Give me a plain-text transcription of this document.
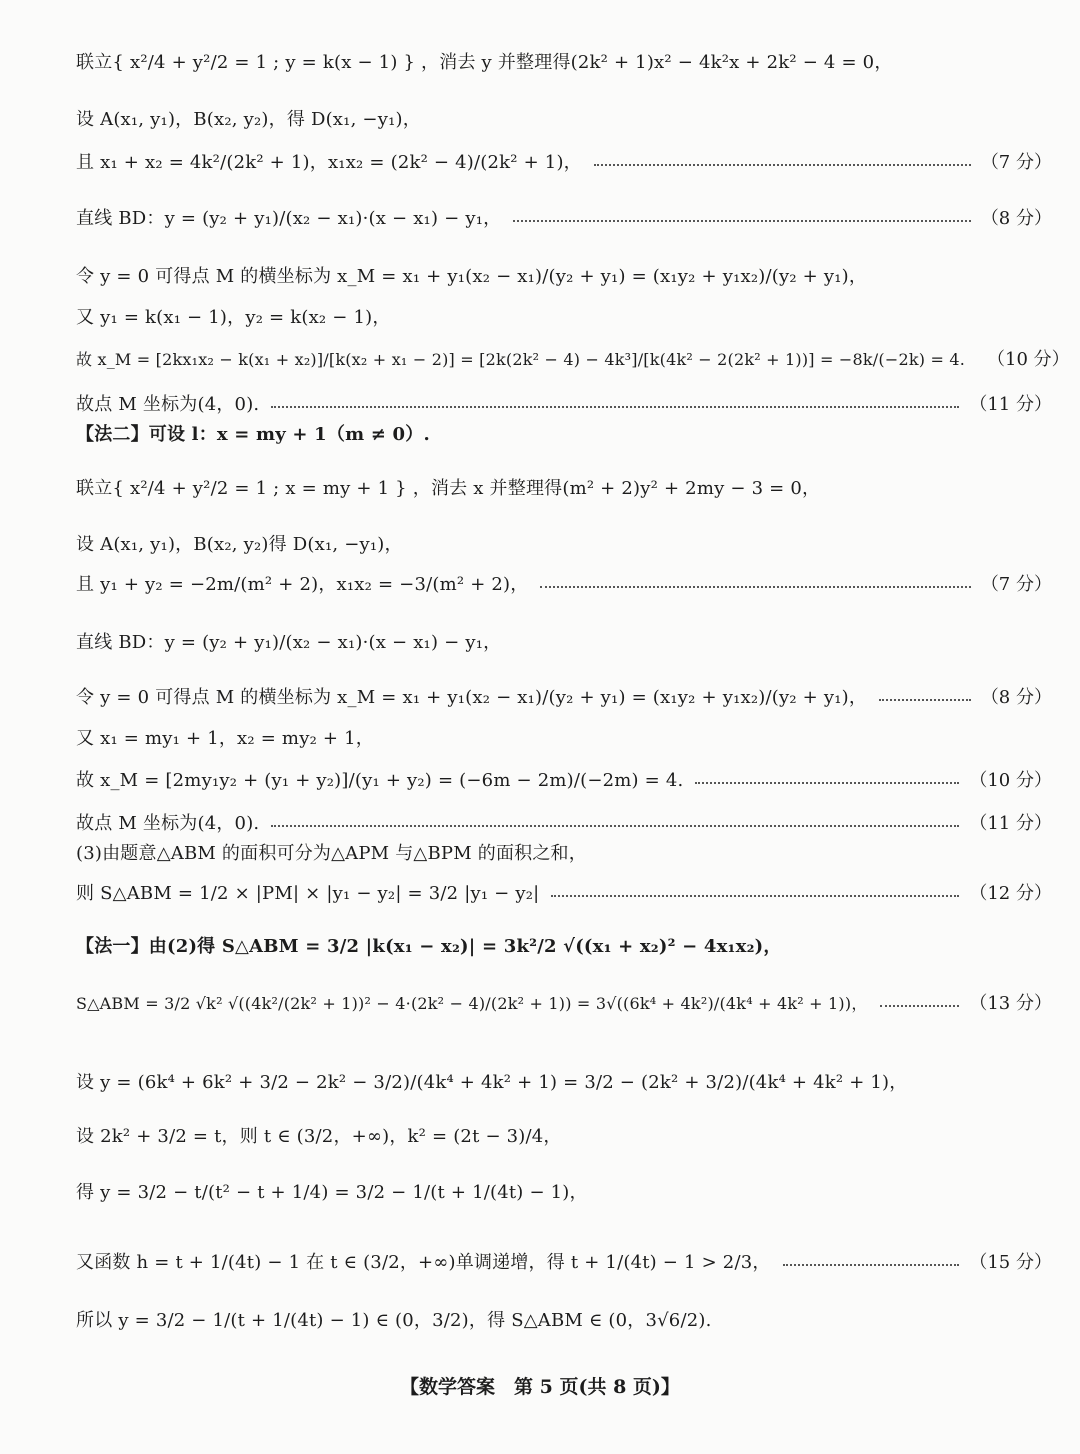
联立{ x²/4 + y²/2 = 1 ; y = k(x − 1) } ，消去 y 并整理得(2k² + 1)x² − 4k²x + 2k² − 4 = 0，
设 A(x₁, y₁)，B(x₂, y₂)，得 D(x₁, −y₁)，
且 x₁ + x₂ = 4k²/(2k² + 1)，x₁x₂ = (2k² − 4)/(2k² + 1)，	（7 分）
直线 BD：y = (y₂ + y₁)/(x₂ − x₁)·(x − x₁) − y₁，	（8 分）
令 y = 0 可得点 M 的横坐标为 x_M = x₁ + y₁(x₂ − x₁)/(y₂ + y₁) = (x₁y₂ + y₁x₂)/(y₂ + y₁)，
又 y₁ = k(x₁ − 1)，y₂ = k(x₂ − 1)，
故 x_M = [2kx₁x₂ − k(x₁ + x₂)]/[k(x₂ + x₁ − 2)] = [2k(2k² − 4) − 4k³]/[k(4k² − 2(2k² + 1))] = −8k/(−2k) = 4. （10 分）
故点 M 坐标为(4，0).	（11 分）
【法二】可设 l：x = my + 1（m ≠ 0）.
联立{ x²/4 + y²/2 = 1 ; x = my + 1 } ，消去 x 并整理得(m² + 2)y² + 2my − 3 = 0，
设 A(x₁, y₁)，B(x₂, y₂)得 D(x₁, −y₁)，
且 y₁ + y₂ = −2m/(m² + 2)，x₁x₂ = −3/(m² + 2)，	（7 分）
直线 BD：y = (y₂ + y₁)/(x₂ − x₁)·(x − x₁) − y₁，
令 y = 0 可得点 M 的横坐标为 x_M = x₁ + y₁(x₂ − x₁)/(y₂ + y₁) = (x₁y₂ + y₁x₂)/(y₂ + y₁)，	（8 分）
又 x₁ = my₁ + 1，x₂ = my₂ + 1，
故 x_M = [2my₁y₂ + (y₁ + y₂)]/(y₁ + y₂) = (−6m − 2m)/(−2m) = 4.	（10 分）
故点 M 坐标为(4，0).	（11 分）
(3)由题意△ABM 的面积可分为△APM 与△BPM 的面积之和，
则 S△ABM = 1/2 × |PM| × |y₁ − y₂| = 3/2 |y₁ − y₂|	（12 分）
【法一】由(2)得 S△ABM = 3/2 |k(x₁ − x₂)| = 3k²/2 √((x₁ + x₂)² − 4x₁x₂)，
S△ABM = 3/2 √k² √((4k²/(2k² + 1))² − 4·(2k² − 4)/(2k² + 1)) = 3√((6k⁴ + 4k²)/(4k⁴ + 4k² + 1))，	（13 分）
设 y = (6k⁴ + 6k² + 3/2 − 2k² − 3/2)/(4k⁴ + 4k² + 1) = 3/2 − (2k² + 3/2)/(4k⁴ + 4k² + 1)，
设 2k² + 3/2 = t，则 t ∈ (3/2，+∞)，k² = (2t − 3)/4，
得 y = 3/2 − t/(t² − t + 1/4) = 3/2 − 1/(t + 1/(4t) − 1)，
又函数 h = t + 1/(4t) − 1 在 t ∈ (3/2，+∞)单调递增，得 t + 1/(4t) − 1 > 2/3，	（15 分）
所以 y = 3/2 − 1/(t + 1/(4t) − 1) ∈ (0，3/2)，得 S△ABM ∈ (0，3√6/2).
【数学答案　第 5 页(共 8 页)】
